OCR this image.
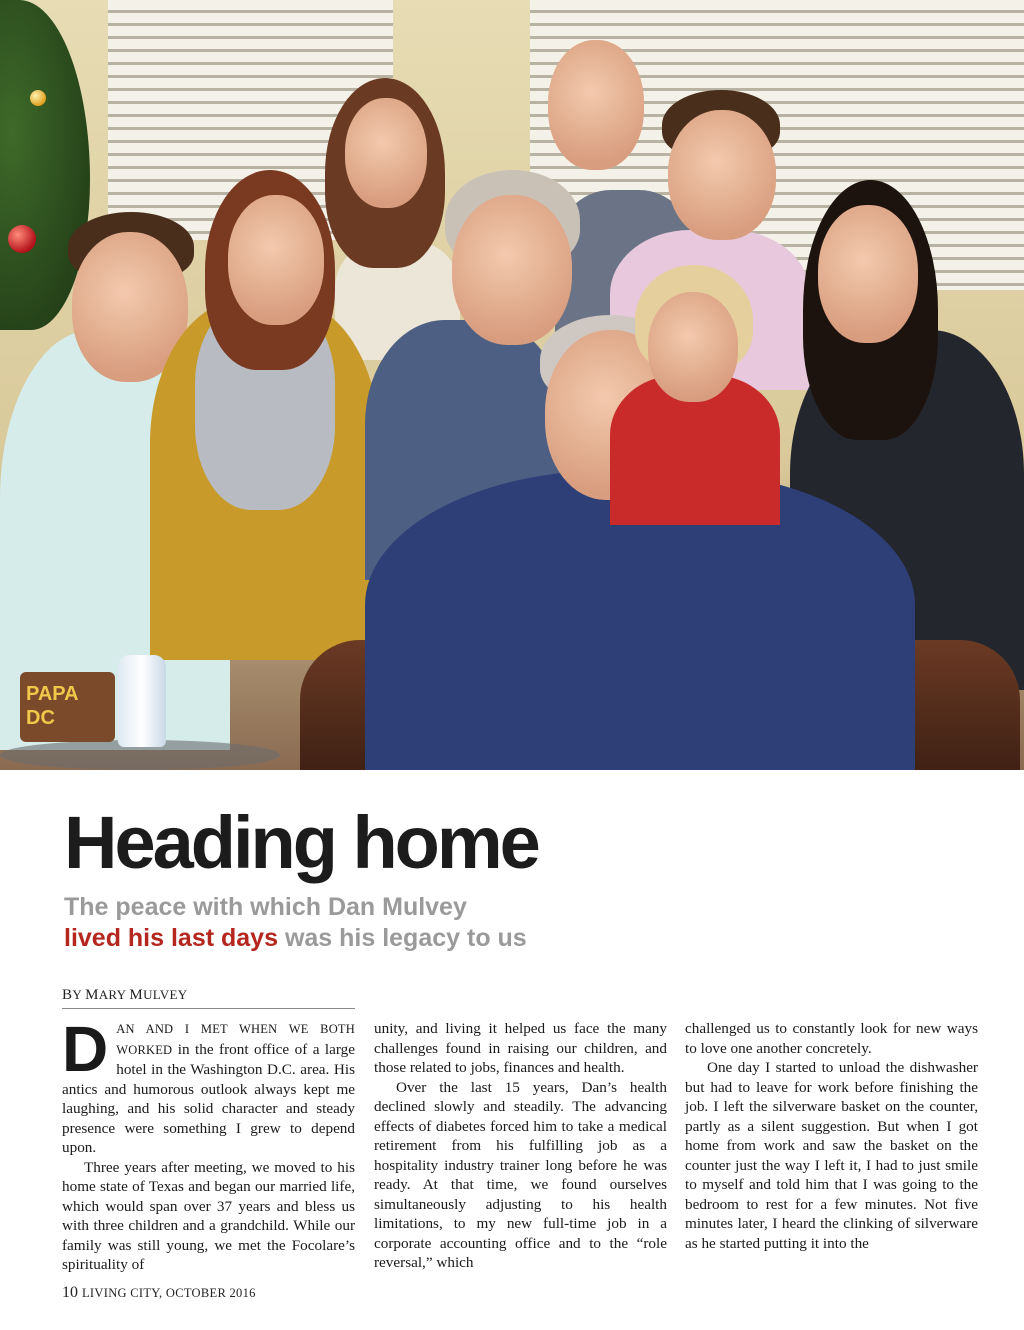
PAPA DC
Heading home
The peace with which Dan Mulvey
lived his last days was his legacy to us
BY MARY MULVEY

DAN AND I MET WHEN WE BOTH WORKED in the front office of a large hotel in the Washington D.C. area. His antics and humorous outlook always kept me laughing, and his solid character and steady presence were something I grew to depend upon.

Three years after meeting, we moved to his home state of Texas and began our married life, which would span over 37 years and bless us with three children and a grandchild. While our family was still young, we met the Focolare’s spirituality of

unity, and living it helped us face the many challenges found in raising our children, and those related to jobs, finances and health.

Over the last 15 years, Dan’s health declined slowly and steadily. The advancing effects of diabetes forced him to take a medical retirement from his fulfilling job as a hospitality industry trainer long before he was ready. At that time, we found ourselves simultaneously adjusting to his health limitations, to my new full-time job in a corporate accounting office and to the “role reversal,” which

challenged us to constantly look for new ways to love one another concretely.

One day I started to unload the dishwasher but had to leave for work before finishing the job. I left the silverware basket on the counter, partly as a silent suggestion. But when I got home from work and saw the basket on the counter just the way I left it, I had to just smile to myself and told him that I was going to the bedroom to rest for a few minutes. Not five minutes later, I heard the clinking of silverware as he started putting it into the

10 LIVING CITY, OCTOBER 2016
